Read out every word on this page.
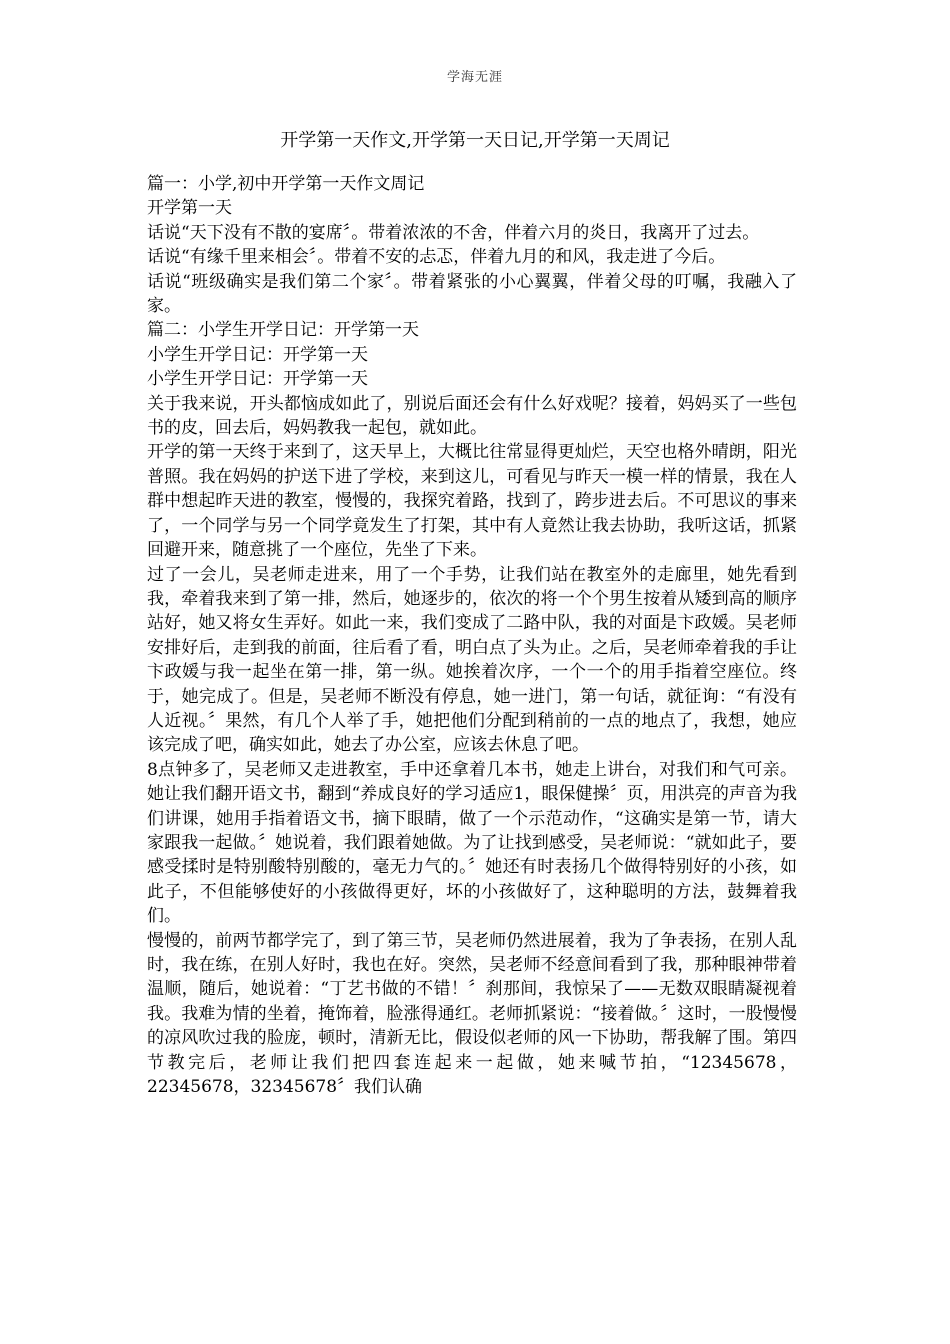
学海无涯
开学第一天作文,开学第一天日记,开学第一天周记

篇一：小学,初中开学第一天作文周记

开学第一天

话说“天下没有不散的宴席〞。带着浓浓的不舍，伴着六月的炎日，我离开了过去。

话说“有缘千里来相会〞。带着不安的忐忑，伴着九月的和风，我走进了今后。

话说“班级确实是我们第二个家〞。带着紧张的小心翼翼，伴着父母的叮嘱，我融入了家。

篇二：小学生开学日记：开学第一天

小学生开学日记：开学第一天

小学生开学日记：开学第一天

关于我来说，开头都恼成如此了，别说后面还会有什么好戏呢？接着，妈妈买了一些包书的皮，回去后，妈妈教我一起包，就如此。

开学的第一天终于来到了，这天早上，大概比往常显得更灿烂，天空也格外晴朗，阳光普照。我在妈妈的护送下进了学校，来到这儿，可看见与昨天一模一样的情景，我在人群中想起昨天进的教室，慢慢的，我探究着路，找到了，跨步进去后。不可思议的事来了，一个同学与另一个同学竟发生了打架，其中有人竟然让我去协助，我听这话，抓紧回避开来，随意挑了一个座位，先坐了下来。

过了一会儿，吴老师走进来，用了一个手势，让我们站在教室外的走廊里，她先看到我，牵着我来到了第一排，然后，她逐步的，依次的将一个个男生按着从矮到高的顺序站好，她又将女生弄好。如此一来，我们变成了二路中队，我的对面是卞政媛。吴老师安排好后，走到我的前面，往后看了看，明白点了头为止。之后，吴老师牵着我的手让卞政媛与我一起坐在第一排，第一纵。她挨着次序，一个一个的用手指着空座位。终于，她完成了。但是，吴老师不断没有停息，她一进门，第一句话，就征询：“有没有人近视。〞果然，有几个人举了手，她把他们分配到稍前的一点的地点了，我想，她应该完成了吧，确实如此，她去了办公室，应该去休息了吧。

8点钟多了，吴老师又走进教室，手中还拿着几本书，她走上讲台，对我们和气可亲。她让我们翻开语文书，翻到“养成良好的学习适应1，眼保健操〞页，用洪亮的声音为我们讲课，她用手指着语文书，摘下眼睛，做了一个示范动作，“这确实是第一节，请大家跟我一起做。〞她说着，我们跟着她做。为了让找到感受，吴老师说：“就如此子，要感受揉时是特别酸特别酸的，毫无力气的。〞她还有时表扬几个做得特别好的小孩，如此子，不但能够使好的小孩做得更好，坏的小孩做好了，这种聪明的方法，鼓舞着我们。

慢慢的，前两节都学完了，到了第三节，吴老师仍然进展着，我为了争表扬，在别人乱时，我在练，在别人好时，我也在好。突然，吴老师不经意间看到了我，那种眼神带着温顺，随后，她说着：“丁艺书做的不错！〞刹那间，我惊呆了——无数双眼睛凝视着我。我难为情的坐着，掩饰着，脸涨得通红。老师抓紧说：“接着做。〞这时，一股慢慢的凉风吹过我的脸庞，顿时，清新无比，假设似老师的风一下协助，帮我解了围。第四节教完后，老师让我们把四套连起来一起做，她来喊节拍，“12345678，22345678，32345678〞我们认确
